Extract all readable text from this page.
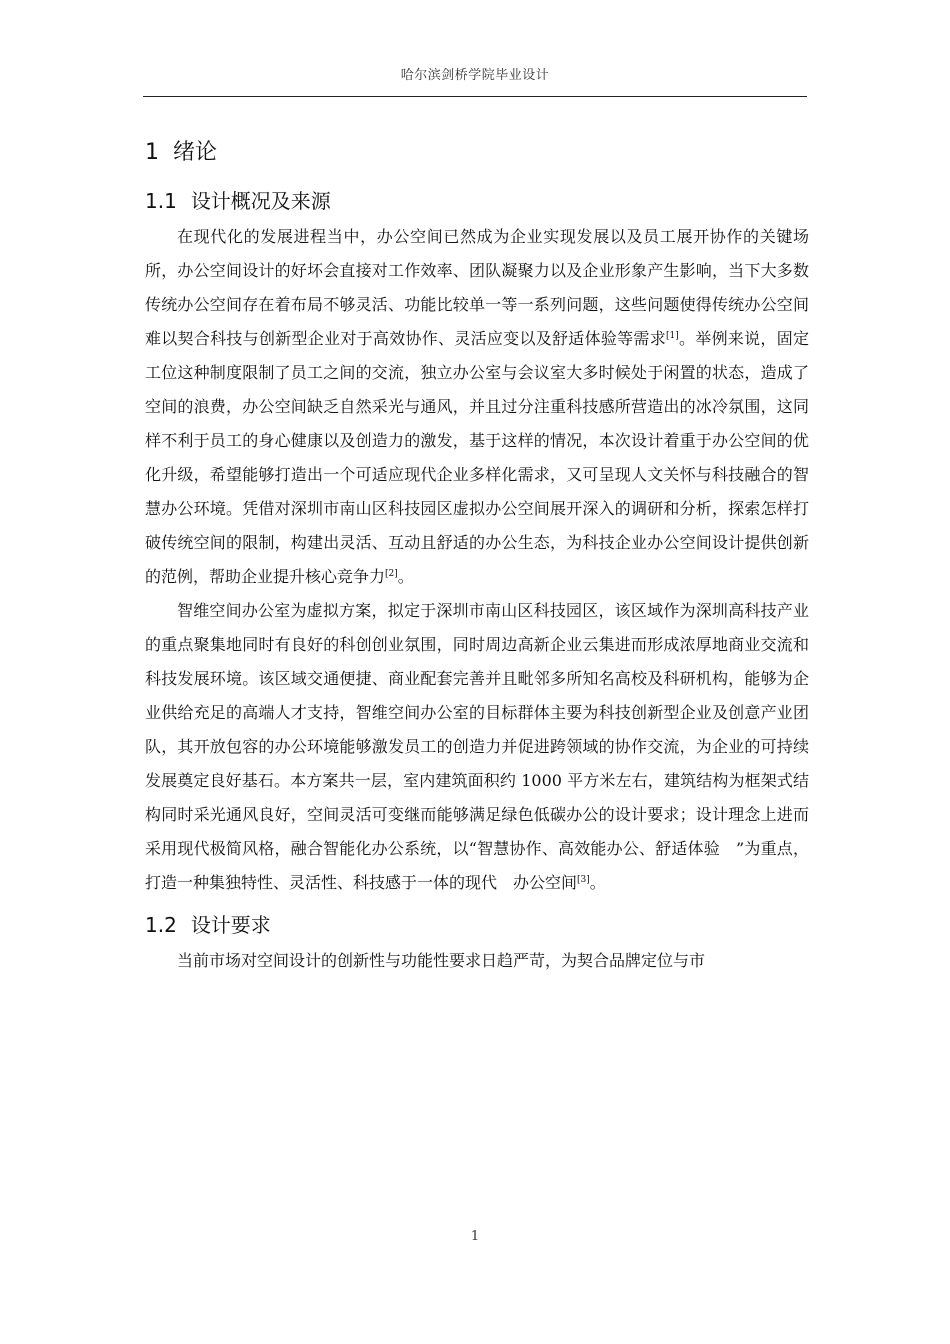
哈尔滨剑桥学院毕业设计
1 绪论
1.1 设计概况及来源

在现代化的发展进程当中，办公空间已然成为企业实现发展以及员工展开协作的关键场所，办公空间设计的好坏会直接对工作效率、团队凝聚力以及企业形象产生影响，当下大多数传统办公空间存在着布局不够灵活、功能比较单一等一系列问题，这些问题使得传统办公空间难以契合科技与创新型企业对于高效协作、灵活应变以及舒适体验等需求[1]。举例来说，固定工位这种制度限制了员工之间的交流，独立办公室与会议室大多时候处于闲置的状态，造成了空间的浪费，办公空间缺乏自然采光与通风，并且过分注重科技感所营造出的冰冷氛围，这同样不利于员工的身心健康以及创造力的激发，基于这样的情况，本次设计着重于办公空间的优化升级，希望能够打造出一个可适应现代企业多样化需求，又可呈现人文关怀与科技融合的智慧办公环境。凭借对深圳市南山区科技园区虚拟办公空间展开深入的调研和分析，探索怎样打破传统空间的限制，构建出灵活、互动且舒适的办公生态，为科技企业办公空间设计提供创新的范例，帮助企业提升核心竞争力[2]。

智维空间办公室为虚拟方案，拟定于深圳市南山区科技园区，该区域作为深圳高科技产业的重点聚集地同时有良好的科创创业氛围，同时周边高新企业云集进而形成浓厚地商业交流和科技发展环境。该区域交通便捷、商业配套完善并且毗邻多所知名高校及科研机构，能够为企业供给充足的高端人才支持，智维空间办公室的目标群体主要为科技创新型企业及创意产业团队，其开放包容的办公环境能够激发员工的创造力并促进跨领域的协作交流，为企业的可持续发展奠定良好基石。本方案共一层，室内建筑面积约 1000 平方米左右，建筑结构为框架式结构同时采光通风良好，空间灵活可变继而能够满足绿色低碳办公的设计要求；设计理念上进而采用现代极简风格，融合智能化办公系统，以“智慧协作、高效能办公、舒适体验　”为重点，打造一种集独特性、灵活性、科技感于一体的现代　办公空间[3]。

1.2 设计要求

当前市场对空间设计的创新性与功能性要求日趋严苛，为契合品牌定位与市

1
